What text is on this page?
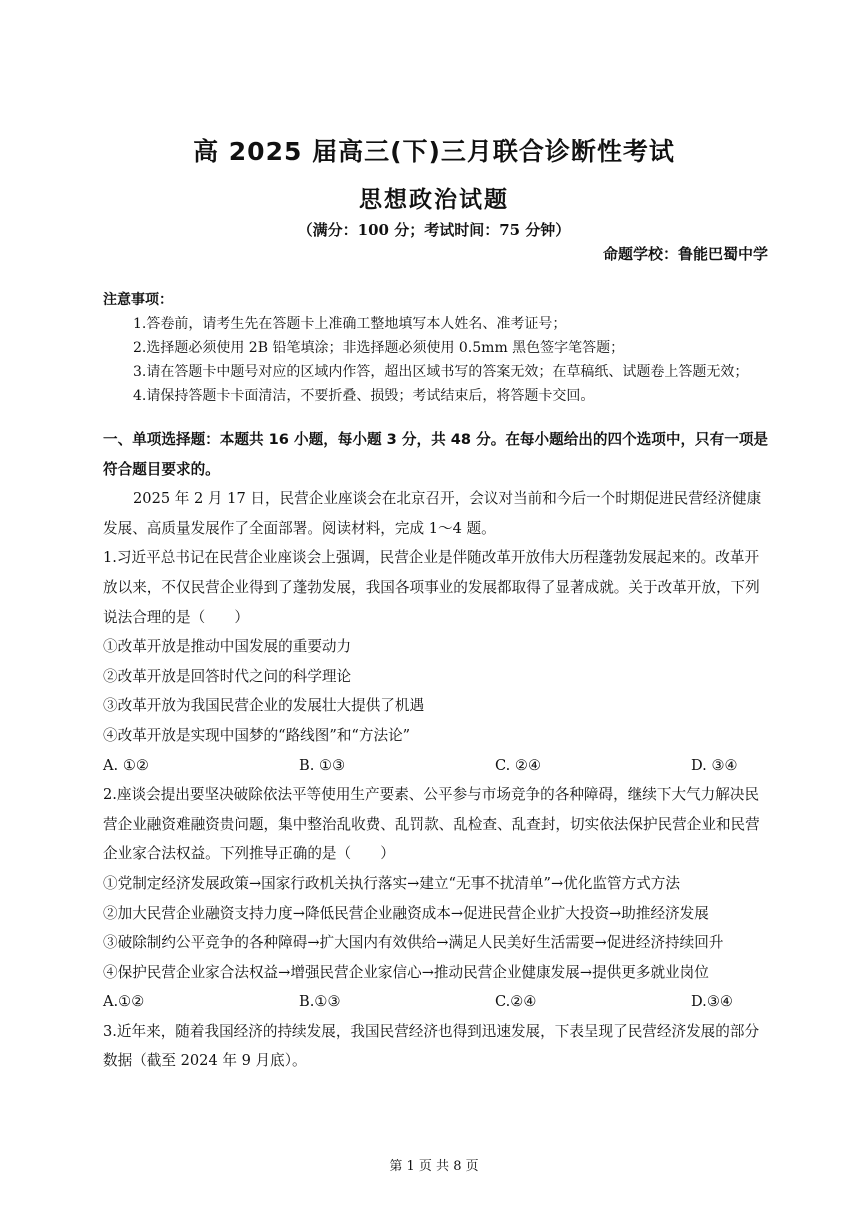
高 2025 届高三(下)三月联合诊断性考试
思想政治试题
（满分：100 分；考试时间：75 分钟）
命题学校：鲁能巴蜀中学
注意事项：
1.答卷前，请考生先在答题卡上准确工整地填写本人姓名、准考证号；
2.选择题必须使用 2B 铅笔填涂；非选择题必须使用 0.5mm 黑色签字笔答题；
3.请在答题卡中题号对应的区域内作答，超出区域书写的答案无效；在草稿纸、试题卷上答题无效；
4.请保持答题卡卡面清洁，不要折叠、损毁；考试结束后，将答题卡交回。
一、单项选择题：本题共 16 小题，每小题 3 分，共 48 分。在每小题给出的四个选项中，只有一项是符合题目要求的。
2025 年 2 月 17 日，民营企业座谈会在北京召开，会议对当前和今后一个时期促进民营经济健康发展、高质量发展作了全面部署。阅读材料，完成 1～4 题。
1.习近平总书记在民营企业座谈会上强调，民营企业是伴随改革开放伟大历程蓬勃发展起来的。改革开放以来，不仅民营企业得到了蓬勃发展，我国各项事业的发展都取得了显著成就。关于改革开放，下列说法合理的是（　　）
①改革开放是推动中国发展的重要动力
②改革开放是回答时代之问的科学理论
③改革开放为我国民营企业的发展壮大提供了机遇
④改革开放是实现中国梦的“路线图”和“方法论”
A. ①②	B. ①③	C. ②④	D. ③④
2.座谈会提出要坚决破除依法平等使用生产要素、公平参与市场竞争的各种障碍，继续下大气力解决民营企业融资难融资贵问题，集中整治乱收费、乱罚款、乱检查、乱查封，切实依法保护民营企业和民营企业家合法权益。下列推导正确的是（　　）
①党制定经济发展政策→国家行政机关执行落实→建立“无事不扰清单”→优化监管方式方法
②加大民营企业融资支持力度→降低民营企业融资成本→促进民营企业扩大投资→助推经济发展
③破除制约公平竞争的各种障碍→扩大国内有效供给→满足人民美好生活需要→促进经济持续回升
④保护民营企业家合法权益→增强民营企业家信心→推动民营企业健康发展→提供更多就业岗位
A.①②	B.①③	C.②④	D.③④
3.近年来，随着我国经济的持续发展，我国民营经济也得到迅速发展，下表呈现了民营经济发展的部分数据（截至 2024 年 9 月底）。
第 1 页 共 8 页
